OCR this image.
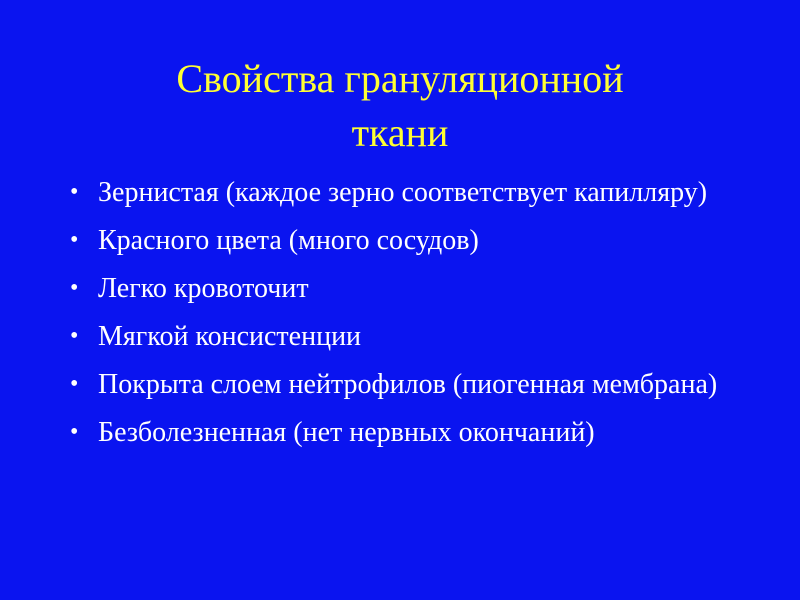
Свойства грануляционной
ткани
• Зернистая (каждое зерно соответствует капилляру)
• Красного цвета (много сосудов)
• Легко кровоточит
• Мягкой консистенции
• Покрыта слоем нейтрофилов (пиогенная мембрана)
• Безболезненная (нет нервных окончаний)
